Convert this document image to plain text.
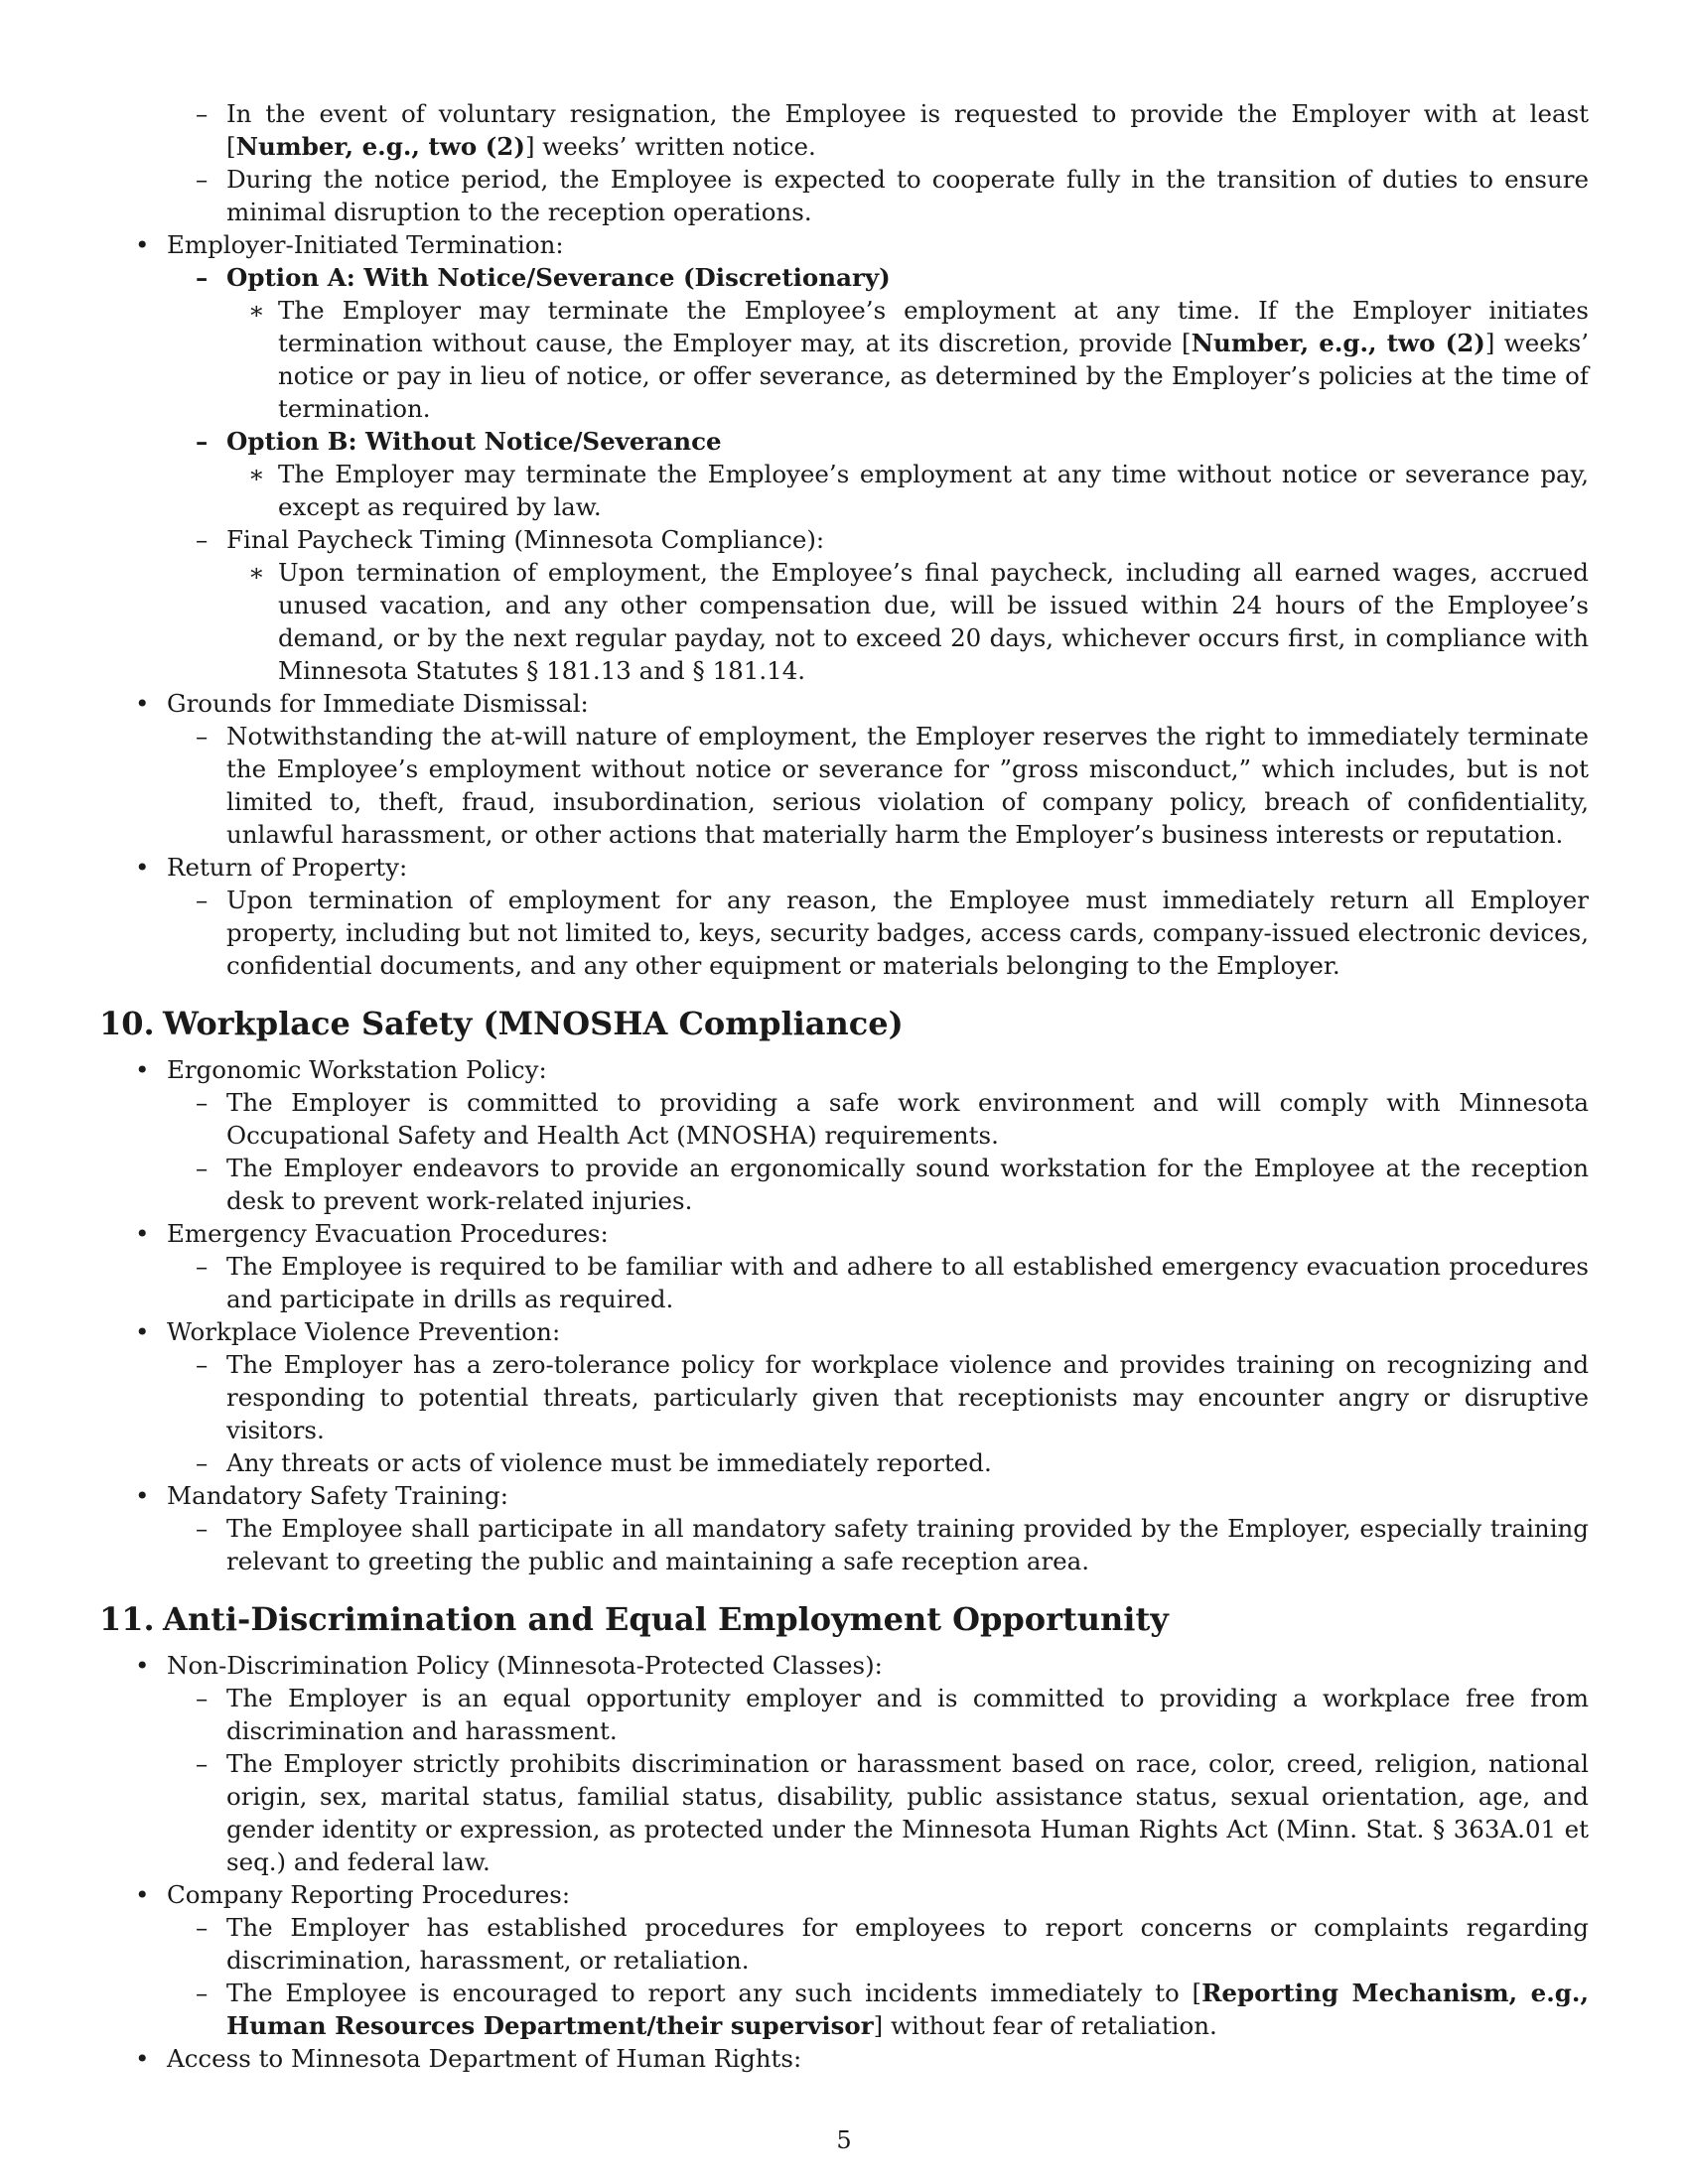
– In the event of voluntary resignation, the Employee is requested to provide the Employer with at least [Number, e.g., two (2)] weeks’ written notice.
– During the notice period, the Employee is expected to cooperate fully in the transition of duties to ensure minimal disruption to the reception operations.
• Employer-Initiated Termination:
– Option A: With Notice/Severance (Discretionary)
∗ The Employer may terminate the Employee’s employment at any time. If the Employer initiates termination without cause, the Employer may, at its discretion, provide [Number, e.g., two (2)] weeks’ notice or pay in lieu of notice, or offer severance, as determined by the Employer’s policies at the time of termination.
– Option B: Without Notice/Severance
∗ The Employer may terminate the Employee’s employment at any time without notice or severance pay, except as required by law.
– Final Paycheck Timing (Minnesota Compliance):
∗ Upon termination of employment, the Employee’s final paycheck, including all earned wages, accrued unused vacation, and any other compensation due, will be issued within 24 hours of the Employee’s demand, or by the next regular payday, not to exceed 20 days, whichever occurs first, in compliance with Minnesota Statutes § 181.13 and § 181.14.
• Grounds for Immediate Dismissal:
– Notwithstanding the at-will nature of employment, the Employer reserves the right to immediately terminate the Employee’s employment without notice or severance for ”gross misconduct,” which includes, but is not limited to, theft, fraud, insubordination, serious violation of company policy, breach of confidentiality, unlawful harassment, or other actions that materially harm the Employer’s business interests or reputation.
• Return of Property:
– Upon termination of employment for any reason, the Employee must immediately return all Employer property, including but not limited to, keys, security badges, access cards, company-issued electronic devices, confidential documents, and any other equipment or materials belonging to the Employer.
10. Workplace Safety (MNOSHA Compliance)
• Ergonomic Workstation Policy:
– The Employer is committed to providing a safe work environment and will comply with Minnesota Occupational Safety and Health Act (MNOSHA) requirements.
– The Employer endeavors to provide an ergonomically sound workstation for the Employee at the reception desk to prevent work-related injuries.
• Emergency Evacuation Procedures:
– The Employee is required to be familiar with and adhere to all established emergency evacuation procedures and participate in drills as required.
• Workplace Violence Prevention:
– The Employer has a zero-tolerance policy for workplace violence and provides training on recognizing and responding to potential threats, particularly given that receptionists may encounter angry or disruptive visitors.
– Any threats or acts of violence must be immediately reported.
• Mandatory Safety Training:
– The Employee shall participate in all mandatory safety training provided by the Employer, especially training relevant to greeting the public and maintaining a safe reception area.
11. Anti-Discrimination and Equal Employment Opportunity
• Non-Discrimination Policy (Minnesota-Protected Classes):
– The Employer is an equal opportunity employer and is committed to providing a workplace free from discrimination and harassment.
– The Employer strictly prohibits discrimination or harassment based on race, color, creed, religion, national origin, sex, marital status, familial status, disability, public assistance status, sexual orientation, age, and gender identity or expression, as protected under the Minnesota Human Rights Act (Minn. Stat. § 363A.01 et seq.) and federal law.
• Company Reporting Procedures:
– The Employer has established procedures for employees to report concerns or complaints regarding discrimination, harassment, or retaliation.
– The Employee is encouraged to report any such incidents immediately to [Reporting Mechanism, e.g., Human Resources Department/their supervisor] without fear of retaliation.
• Access to Minnesota Department of Human Rights:
5
